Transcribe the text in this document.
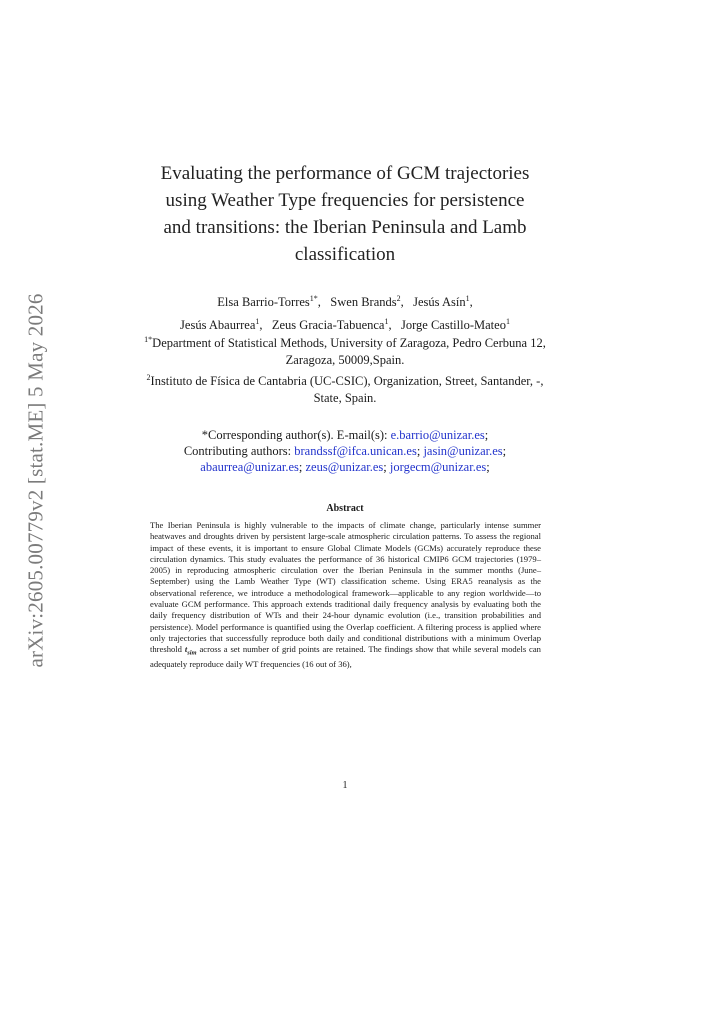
arXiv:2605.00779v2 [stat.ME] 5 May 2026
Evaluating the performance of GCM trajectories
using Weather Type frequencies for persistence
and transitions: the Iberian Peninsula and Lamb
classification
Elsa Barrio-Torres$^{1*}$,   Swen Brands$^2$,   Jesús Asín$^1$,
Jesús Abaurrea$^1$,   Zeus Gracia-Tabuenca$^1$,   Jorge Castillo-Mateo$^1$
$^{1*}$Department of Statistical Methods, University of Zaragoza, Pedro Cerbuna 12, Zaragoza, 50009,Spain.
$^2$Instituto de Física de Cantabria (UC-CSIC), Organization, Street, Santander, -, State, Spain.
*Corresponding author(s). E-mail(s): e.barrio@unizar.es;
Contributing authors: brandssf@ifca.unican.es; jasin@unizar.es;
abaurrea@unizar.es; zeus@unizar.es; jorgecm@unizar.es;
Abstract

The Iberian Peninsula is highly vulnerable to the impacts of climate change, particularly intense summer heatwaves and droughts driven by persistent large-scale atmospheric circulation patterns. To assess the regional impact of these events, it is important to ensure Global Climate Models (GCMs) accurately reproduce these circulation dynamics. This study evaluates the performance of 36 historical CMIP6 GCM trajectories (1979–2005) in reproducing atmospheric circulation over the Iberian Peninsula in the summer months (June–September) using the Lamb Weather Type (WT) classification scheme. Using ERA5 reanalysis as the observational reference, we introduce a methodological framework—applicable to any region worldwide—to evaluate GCM performance. This approach extends traditional daily frequency analysis by evaluating both the daily frequency distribution of WTs and their 24-hour dynamic evolution (i.e., transition probabilities and persistence). Model performance is quantified using the Overlap coefficient. A filtering process is applied where only trajectories that successfully reproduce both daily and conditional distributions with a minimum Overlap threshold $t_{sim}$ across a set number of grid points are retained. The findings show that while several models can adequately reproduce daily WT frequencies (16 out of 36),

1
